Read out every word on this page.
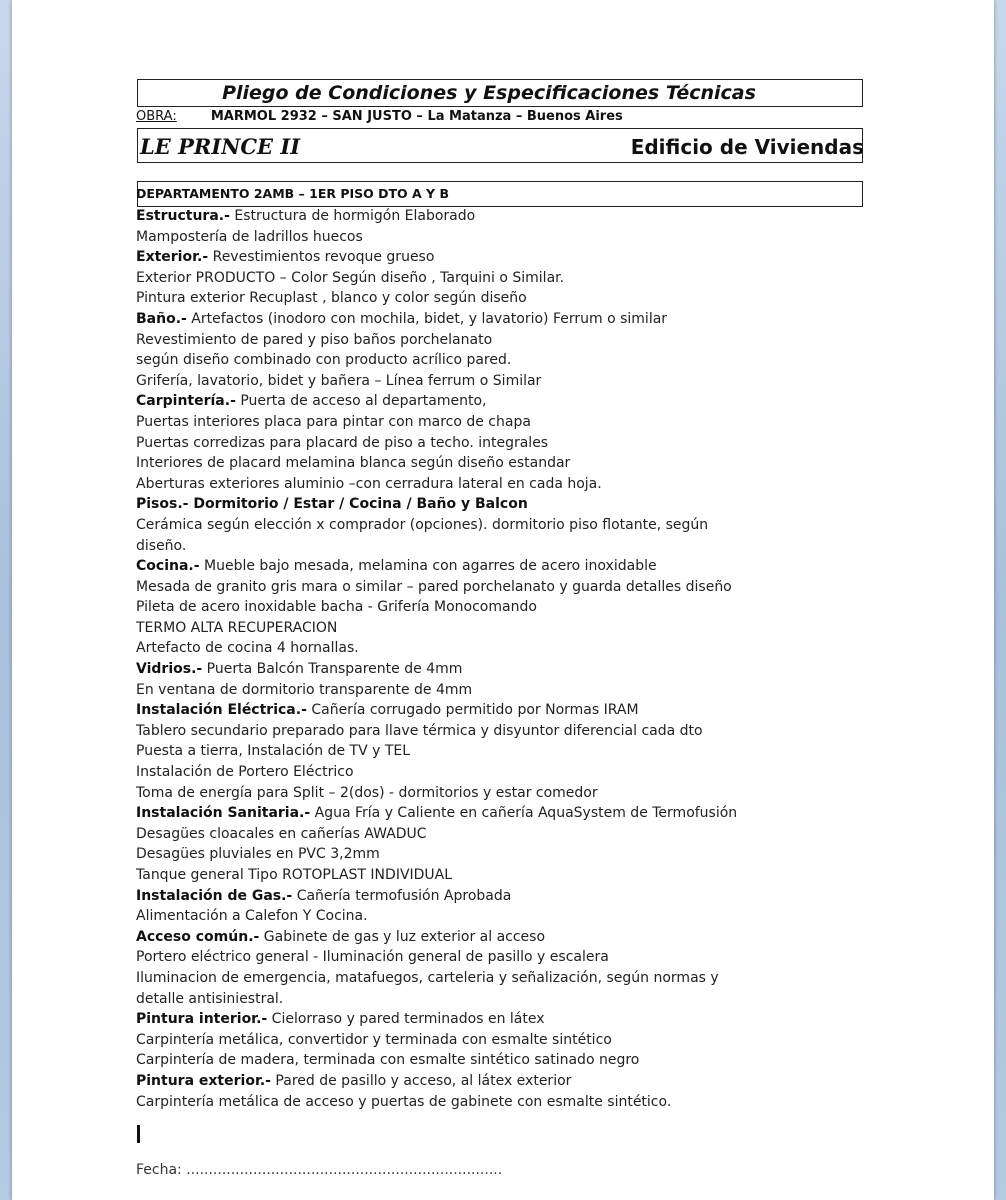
Pliego de Condiciones y Especificaciones Técnicas
OBRA:	MARMOL 2932 – SAN JUSTO – La Matanza – Buenos Aires
LE PRINCE II	Edificio de Viviendas
DEPARTAMENTO 2AMB – 1ER PISO DTO A Y B
Estructura.- Estructura de hormigón Elaborado
Mampostería de ladrillos huecos
Exterior.- Revestimientos revoque grueso
Exterior PRODUCTO – Color Según diseño , Tarquini o Similar.
Pintura exterior Recuplast , blanco y color según diseño
Baño.- Artefactos (inodoro con mochila, bidet, y lavatorio) Ferrum o similar
Revestimiento de pared y piso baños porchelanato
según diseño combinado con producto acrílico pared.
Grifería, lavatorio, bidet y bañera – Línea ferrum o Similar
Carpintería.- Puerta de acceso al departamento,
Puertas interiores placa para pintar con marco de chapa
Puertas corredizas para placard de piso a techo. integrales
Interiores de placard melamina blanca según diseño estandar
Aberturas exteriores aluminio –con cerradura lateral en cada hoja.
Pisos.- Dormitorio / Estar / Cocina / Baño y Balcon
Cerámica según elección x comprador (opciones). dormitorio piso flotante, según
diseño.
Cocina.- Mueble bajo mesada, melamina con agarres de acero inoxidable
Mesada de granito gris mara o similar – pared porchelanato y guarda detalles diseño
Pileta de acero inoxidable bacha - Grifería Monocomando
TERMO ALTA RECUPERACION
Artefacto de cocina 4 hornallas.
Vidrios.- Puerta Balcón Transparente de 4mm
En ventana de dormitorio transparente de 4mm
Instalación Eléctrica.- Cañería corrugado permitido por Normas IRAM
Tablero secundario preparado para llave térmica y disyuntor diferencial cada dto
Puesta a tierra, Instalación de TV y TEL
Instalación de Portero Eléctrico
Toma de energía para Split – 2(dos) - dormitorios y estar comedor
Instalación Sanitaria.- Agua Fría y Caliente en cañería AquaSystem de Termofusión
Desagües cloacales en cañerías AWADUC
Desagües pluviales en PVC 3,2mm
Tanque general Tipo ROTOPLAST INDIVIDUAL
Instalación de Gas.- Cañería termofusión Aprobada
Alimentación a Calefon Y Cocina.
Acceso común.- Gabinete de gas y luz exterior al acceso
Portero eléctrico general - Iluminación general de pasillo y escalera
Iluminacion de emergencia, matafuegos, carteleria y señalización, según normas y
detalle antisiniestral.
Pintura interior.- Cielorraso y pared terminados en látex
Carpintería metálica, convertidor y terminada con esmalte sintético
Carpintería de madera, terminada con esmalte sintético satinado negro
Pintura exterior.- Pared de pasillo y acceso, al látex exterior
Carpintería metálica de acceso y puertas de gabinete con esmalte sintético.
Fecha: .......................................................................
